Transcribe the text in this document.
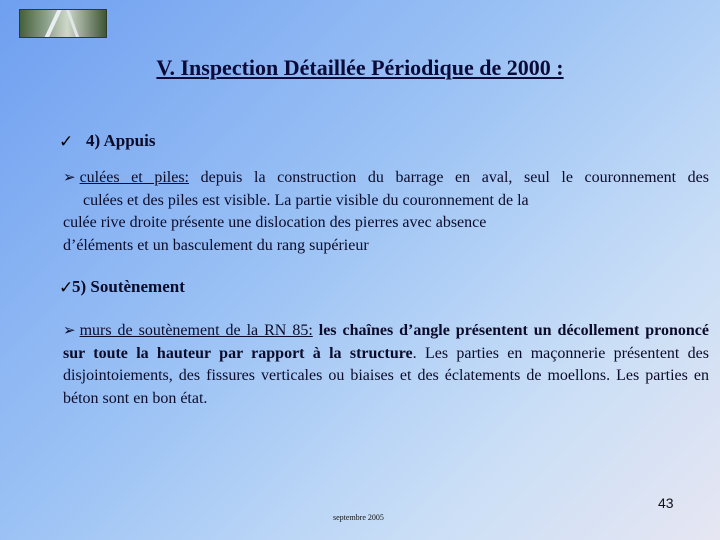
V. Inspection Détaillée Périodique de 2000 :
✓ 4) Appuis
➢ culées et piles: depuis la construction du barrage en aval, seul le couronnement des
culées et des piles est visible. La partie visible du couronnement de la
culée rive droite présente une dislocation des pierres avec absence
d’éléments et un basculement du rang supérieur
✓
5) Soutènement
➢ murs de soutènement de la RN 85: les chaînes d’angle présentent un décollement prononcé sur toute la hauteur par rapport à la structure. Les parties en maçonnerie présentent des disjointoiements, des fissures verticales ou biaises et des éclatements de moellons. Les parties en béton sont en bon état.
43
septembre 2005
